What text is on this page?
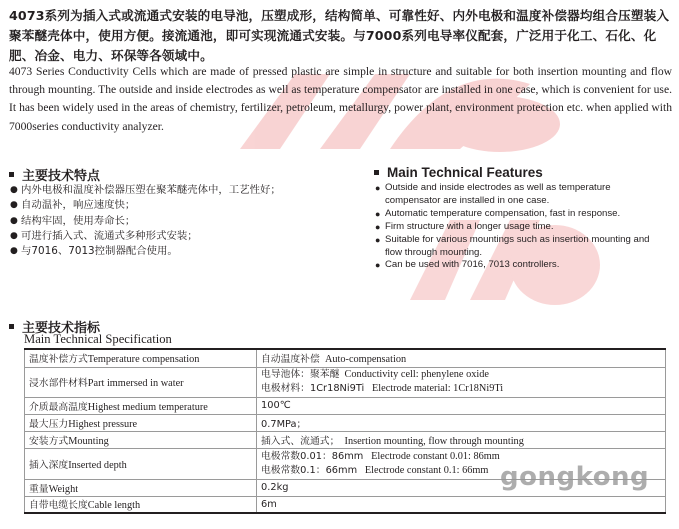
4073系列为插入式或流通式安装的电导池，压塑成形，结构简单、可靠性好、内外电极和温度补偿器均组合压塑装入聚苯醚壳体中，使用方便。接流通池，即可实现流通式安装。与7000系列电导率仪配套，广泛用于化工、石化、化肥、冶金、电力、环保等各领域中。
4073 Series Conductivity Cells which are made of pressed plastic are simple in structure and suitable for both insertion mounting and flow through mounting. The outside and inside electrodes as well as temperature compensator are installed in one case, which is convenient for use. It has been widely used in the areas of chemistry, fertilizer, petroleum, metallurgy, power plant, environment protection etc. when applied with 7000series conductivity analyzer.
主要技术特点
● 内外电极和温度补偿器压塑在聚苯醚壳体中，工艺性好；
● 自动温补，响应速度快；
● 结构牢固，使用寿命长；
● 可进行插入式、流通式多种形式安装；
● 与7016、7013控制器配合使用。
Main Technical Features
● Outside and inside electrodes as well as temperature compensator are installed in one case.
● Automatic temperature compensation, fast in response.
● Firm structure with a longer usage time.
● Suitable for various mountings such as insertion mounting and flow through mounting.
● Can be used with 7016, 7013 controllers.
主要技术指标
Main Technical Specification
温度补偿方式Temperature compensation	自动温度补偿 Auto-compensation
浸水部件材料Part immersed in water	电导池体：聚苯醚 Conductivity cell: phenylene oxide
电极材料：1Cr18Ni9Ti Electrode material: 1Cr18Ni9Ti

介质最高温度Highest medium temperature	100℃
最大压力Highest pressure	0.7MPa；
安装方式Mounting	插入式、流通式； Insertion mounting, flow through mounting
插入深度Inserted depth	电极常数0.01：86mm Electrode constant 0.01: 86mm
电极常数0.1：66mm Electrode constant 0.1: 66mm

重量Weight	0.2kg
自带电缆长度Cable length	6m
gongkong
